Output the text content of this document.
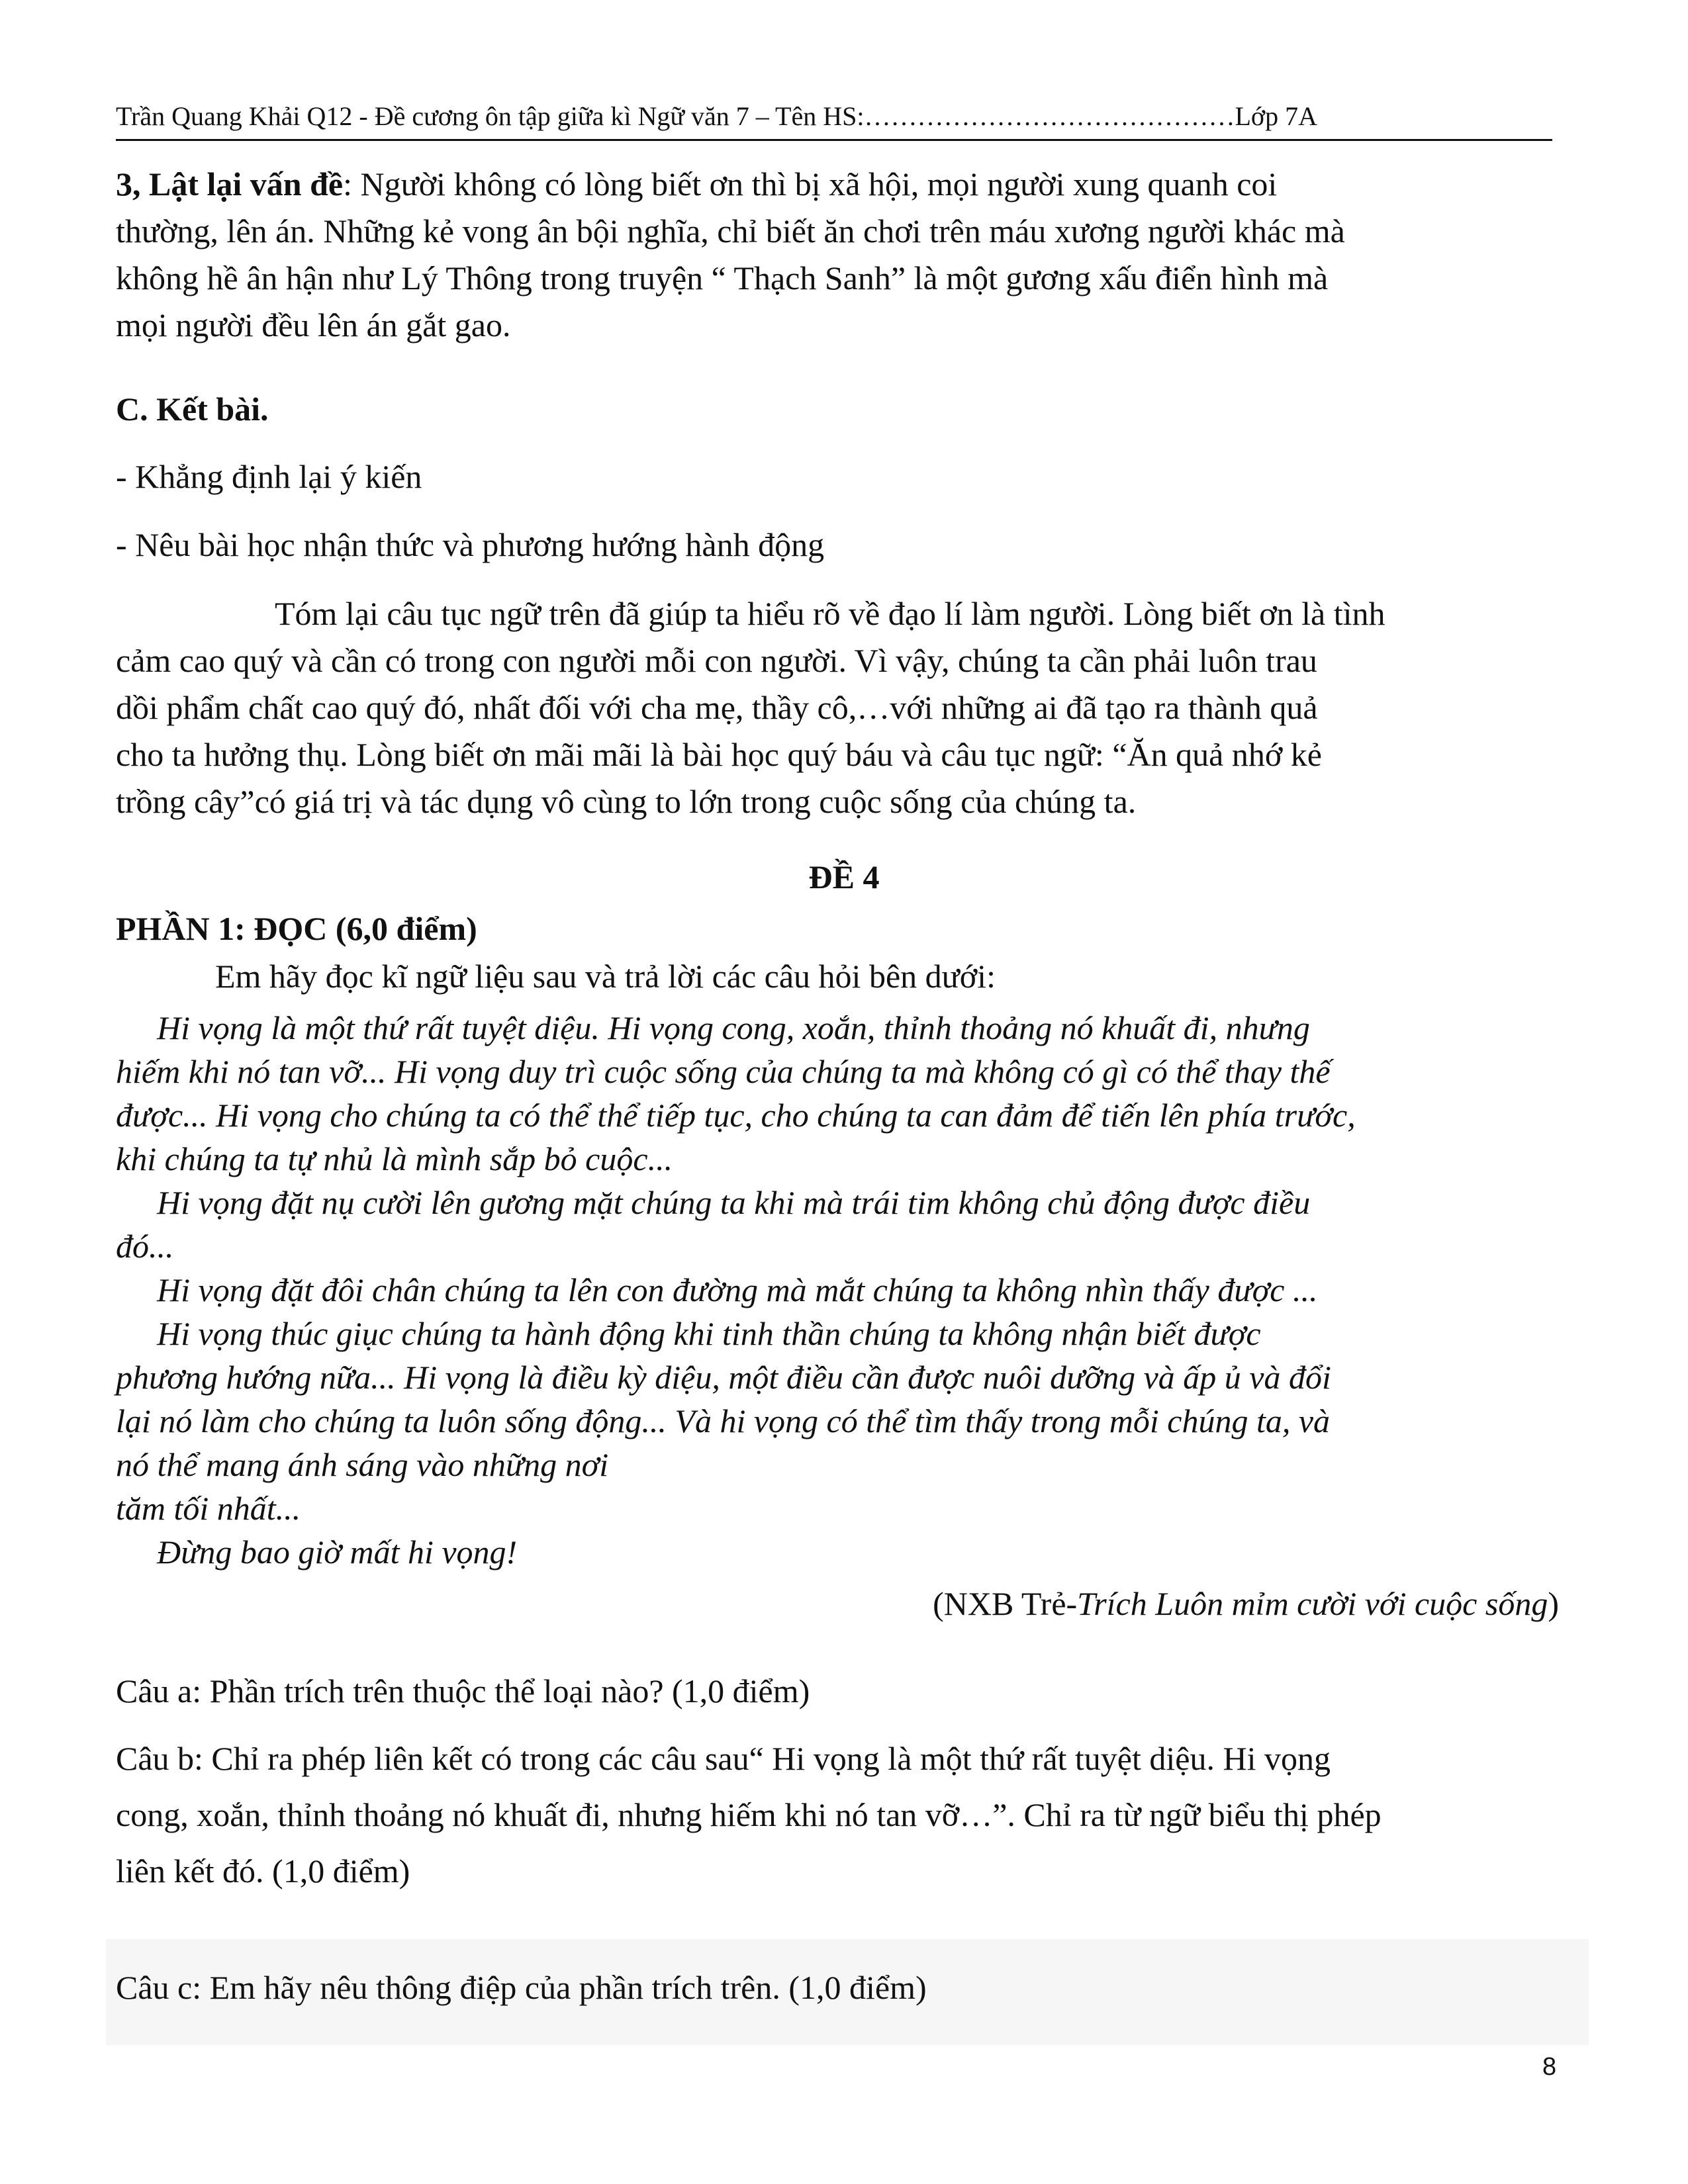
Trần Quang Khải Q12 - Đề cương ôn tập giữa kì Ngữ văn 7 – Tên HS:……………………………………Lớp 7A
3, Lật lại vấn đề: Người không có lòng biết ơn thì bị xã hội, mọi người xung quanh coi
thường, lên án. Những kẻ vong ân bội nghĩa, chỉ biết ăn chơi trên máu xương người khác mà
không hề ân hận như Lý Thông trong truyện “ Thạch Sanh” là một gương xấu điển hình mà
mọi người đều lên án gắt gao.
C. Kết bài.
- Khẳng định lại ý kiến
- Nêu bài học nhận thức và phương hướng hành động
Tóm lại câu tục ngữ trên đã giúp ta hiểu rõ về đạo lí làm người. Lòng biết ơn là tình
cảm cao quý và cần có trong con người mỗi con người. Vì vậy, chúng ta cần phải luôn trau
dồi phẩm chất cao quý đó, nhất đối với cha mẹ, thầy cô,…với những ai đã tạo ra thành quả
cho ta hưởng thụ. Lòng biết ơn mãi mãi là bài học quý báu và câu tục ngữ: “Ăn quả nhớ kẻ
trồng cây”có giá trị và tác dụng vô cùng to lớn trong cuộc sống của chúng ta.
ĐỀ 4
PHẦN 1: ĐỌC (6,0 điểm)
Em hãy đọc kĩ ngữ liệu sau và trả lời các câu hỏi bên dưới:
Hi vọng là một thứ rất tuyệt diệu. Hi vọng cong, xoắn, thỉnh thoảng nó khuất đi, nhưng
hiếm khi nó tan vỡ... Hi vọng duy trì cuộc sống của chúng ta mà không có gì có thể thay thế
được... Hi vọng cho chúng ta có thể thể tiếp tục, cho chúng ta can đảm để tiến lên phía trước,
khi chúng ta tự nhủ là mình sắp bỏ cuộc...
Hi vọng đặt nụ cười lên gương mặt chúng ta khi mà trái tim không chủ động được điều
đó...
Hi vọng đặt đôi chân chúng ta lên con đường mà mắt chúng ta không nhìn thấy được ...
Hi vọng thúc giục chúng ta hành động khi tinh thần chúng ta không nhận biết được
phương hướng nữa... Hi vọng là điều kỳ diệu, một điều cần được nuôi dưỡng và ấp ủ và đổi
lại nó làm cho chúng ta luôn sống động... Và hi vọng có thể tìm thấy trong mỗi chúng ta, và
nó thể mang ánh sáng vào những nơi
tăm tối nhất...
Đừng bao giờ mất hi vọng!
(NXB Trẻ-Trích Luôn mỉm cười với cuộc sống)
Câu a: Phần trích trên thuộc thể loại nào? (1,0 điểm)
Câu b: Chỉ ra phép liên kết có trong các câu sau“ Hi vọng là một thứ rất tuyệt diệu. Hi vọng
cong, xoắn, thỉnh thoảng nó khuất đi, nhưng hiếm khi nó tan vỡ…”. Chỉ ra từ ngữ biểu thị phép
liên kết đó. (1,0 điểm)
Câu c: Em hãy nêu thông điệp của phần trích trên. (1,0 điểm)
8
